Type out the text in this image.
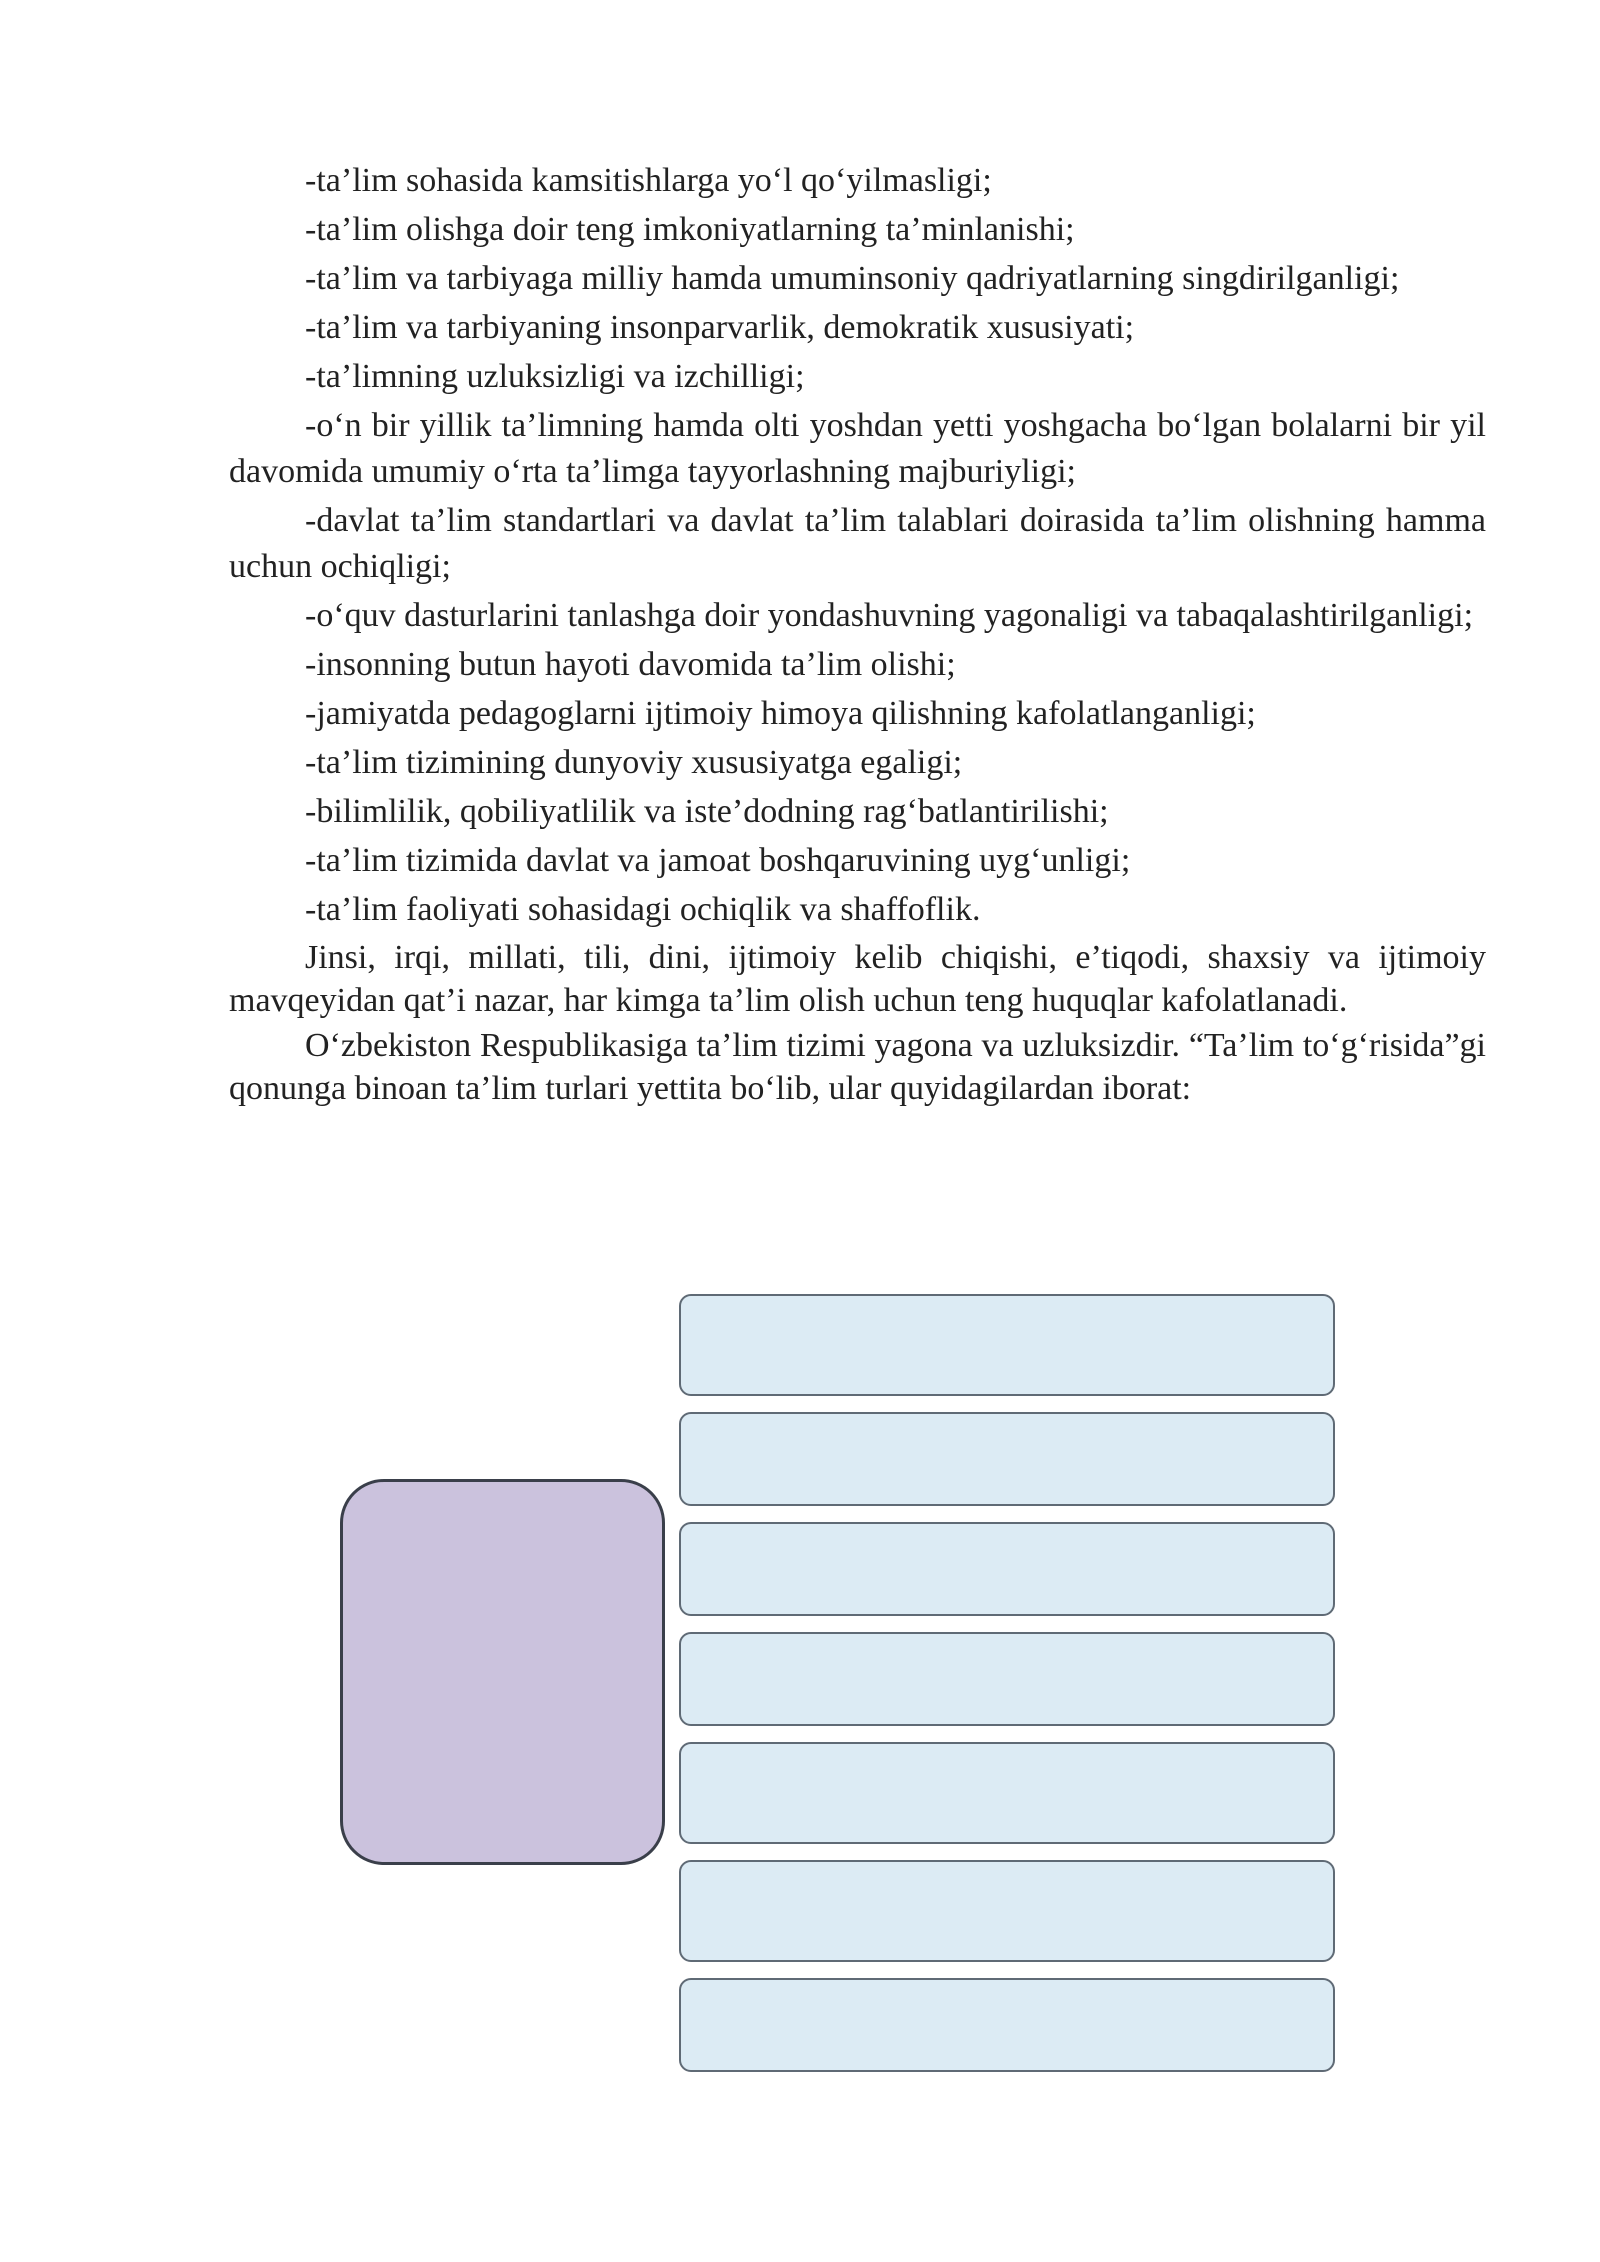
-ta’lim sohasida kamsitishlarga yo‘l qo‘yilmasligi;

-ta’lim olishga doir teng imkoniyatlarning ta’minlanishi;

-ta’lim va tarbiyaga milliy hamda umuminsoniy qadriyatlarning singdirilganligi;

-ta’lim va tarbiyaning insonparvarlik, demokratik xususiyati;

-ta’limning uzluksizligi va izchilligi;

-o‘n bir yillik ta’limning hamda olti yoshdan yetti yoshgacha bo‘lgan bolalarni bir yil davomida umumiy o‘rta ta’limga tayyorlashning majburiyligi;

-davlat ta’lim standartlari va davlat ta’lim talablari doirasida ta’lim olishning hamma uchun ochiqligi;

-o‘quv dasturlarini tanlashga doir yondashuvning yagonaligi va tabaqalashtirilganligi;

-insonning butun hayoti davomida ta’lim olishi;

-jamiyatda pedagoglarni ijtimoiy himoya qilishning kafolatlanganligi;

-ta’lim tizimining dunyoviy xususiyatga egaligi;

-bilimlilik, qobiliyatlilik va iste’dodning rag‘batlantirilishi;

-ta’lim tizimida davlat va jamoat boshqaruvining uyg‘unligi;

-ta’lim faoliyati sohasidagi ochiqlik va shaffoflik.

Jinsi, irqi, millati, tili, dini, ijtimoiy kelib chiqishi, e’tiqodi, shaxsiy va ijtimoiy mavqeyidan qat’i nazar, har kimga ta’lim olish uchun teng huquqlar kafolatlanadi.

O‘zbekiston Respublikasiga ta’lim tizimi yagona va uzluksizdir. “Ta’lim to‘g‘risida”gi qonunga binoan ta’lim turlari yettita bo‘lib, ular quyidagilardan iborat:
